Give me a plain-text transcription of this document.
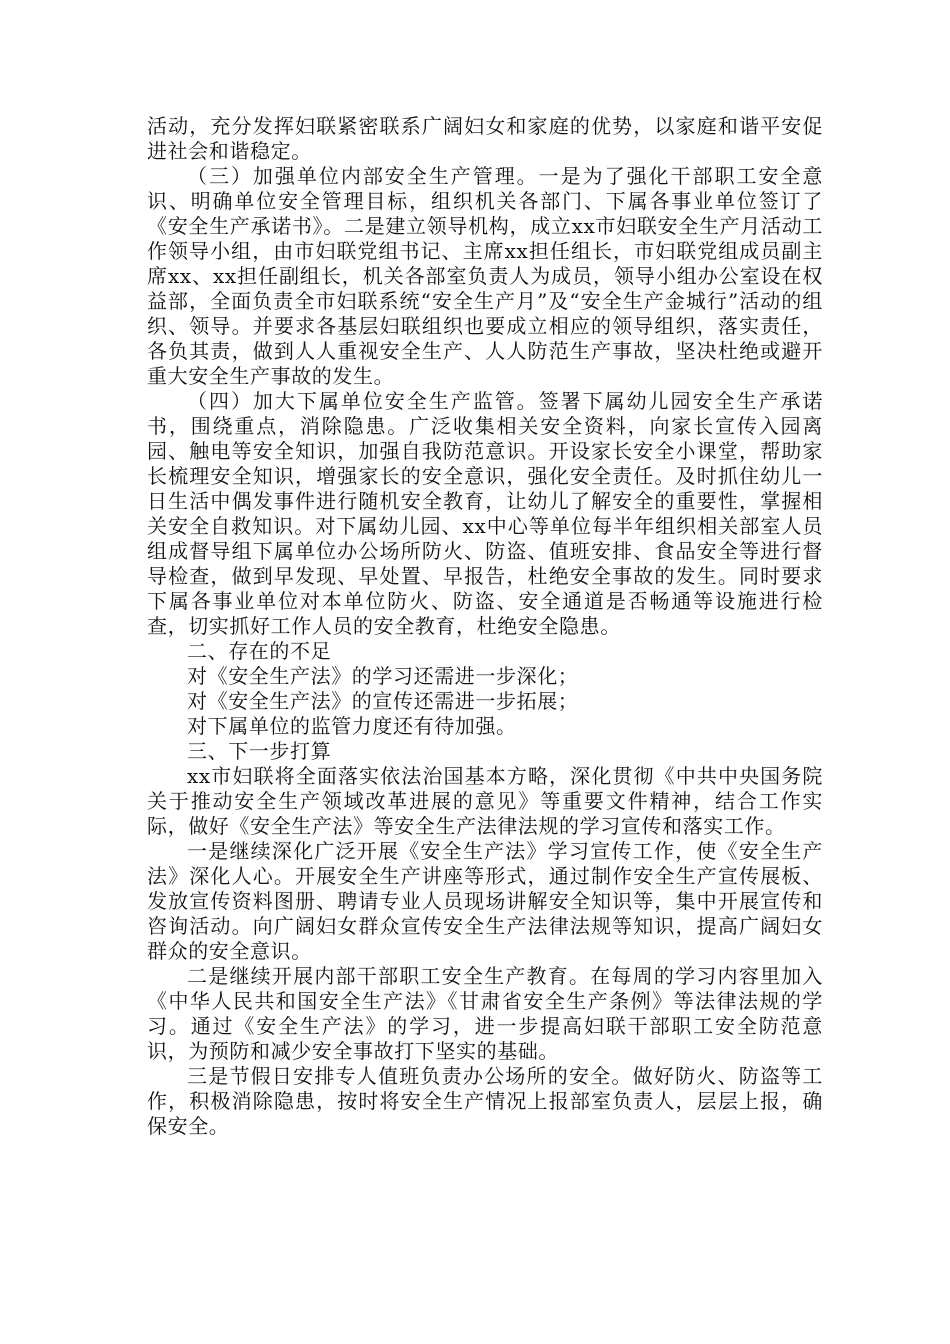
活动，充分发挥妇联紧密联系广阔妇女和家庭的优势，以家庭和谐平安促进社会和谐稳定。

（三）加强单位内部安全生产管理。一是为了强化干部职工安全意识、明确单位安全管理目标，组织机关各部门、下属各事业单位签订了《安全生产承诺书》。二是建立领导机构，成立xx市妇联安全生产月活动工作领导小组，由市妇联党组书记、主席xx担任组长，市妇联党组成员副主席xx、xx担任副组长，机关各部室负责人为成员，领导小组办公室设在权益部，全面负责全市妇联系统“安全生产月”及“安全生产金城行”活动的组织、领导。并要求各基层妇联组织也要成立相应的领导组织，落实责任，各负其责，做到人人重视安全生产、人人防范生产事故，坚决杜绝或避开重大安全生产事故的发生。

（四）加大下属单位安全生产监管。签署下属幼儿园安全生产承诺书，围绕重点，消除隐患。广泛收集相关安全资料，向家长宣传入园离园、触电等安全知识，加强自我防范意识。开设家长安全小课堂，帮助家长梳理安全知识，增强家长的安全意识，强化安全责任。及时抓住幼儿一日生活中偶发事件进行随机安全教育，让幼儿了解安全的重要性，掌握相关安全自救知识。对下属幼儿园、xx中心等单位每半年组织相关部室人员组成督导组下属单位办公场所防火、防盗、值班安排、食品安全等进行督导检查，做到早发现、早处置、早报告，杜绝安全事故的发生。同时要求下属各事业单位对本单位防火、防盗、安全通道是否畅通等设施进行检查，切实抓好工作人员的安全教育，杜绝安全隐患。

二、存在的不足

对《安全生产法》的学习还需进一步深化；

对《安全生产法》的宣传还需进一步拓展；

对下属单位的监管力度还有待加强。

三、下一步打算

xx市妇联将全面落实依法治国基本方略，深化贯彻《中共中央国务院关于推动安全生产领域改革进展的意见》等重要文件精神，结合工作实际，做好《安全生产法》等安全生产法律法规的学习宣传和落实工作。

一是继续深化广泛开展《安全生产法》学习宣传工作，使《安全生产法》深化人心。开展安全生产讲座等形式，通过制作安全生产宣传展板、发放宣传资料图册、聘请专业人员现场讲解安全知识等，集中开展宣传和咨询活动。向广阔妇女群众宣传安全生产法律法规等知识，提高广阔妇女群众的安全意识。

二是继续开展内部干部职工安全生产教育。在每周的学习内容里加入《中华人民共和国安全生产法》《甘肃省安全生产条例》等法律法规的学习。通过《安全生产法》的学习，进一步提高妇联干部职工安全防范意识，为预防和减少安全事故打下坚实的基础。

三是节假日安排专人值班负责办公场所的安全。做好防火、防盗等工作，积极消除隐患，按时将安全生产情况上报部室负责人，层层上报，确保安全。
